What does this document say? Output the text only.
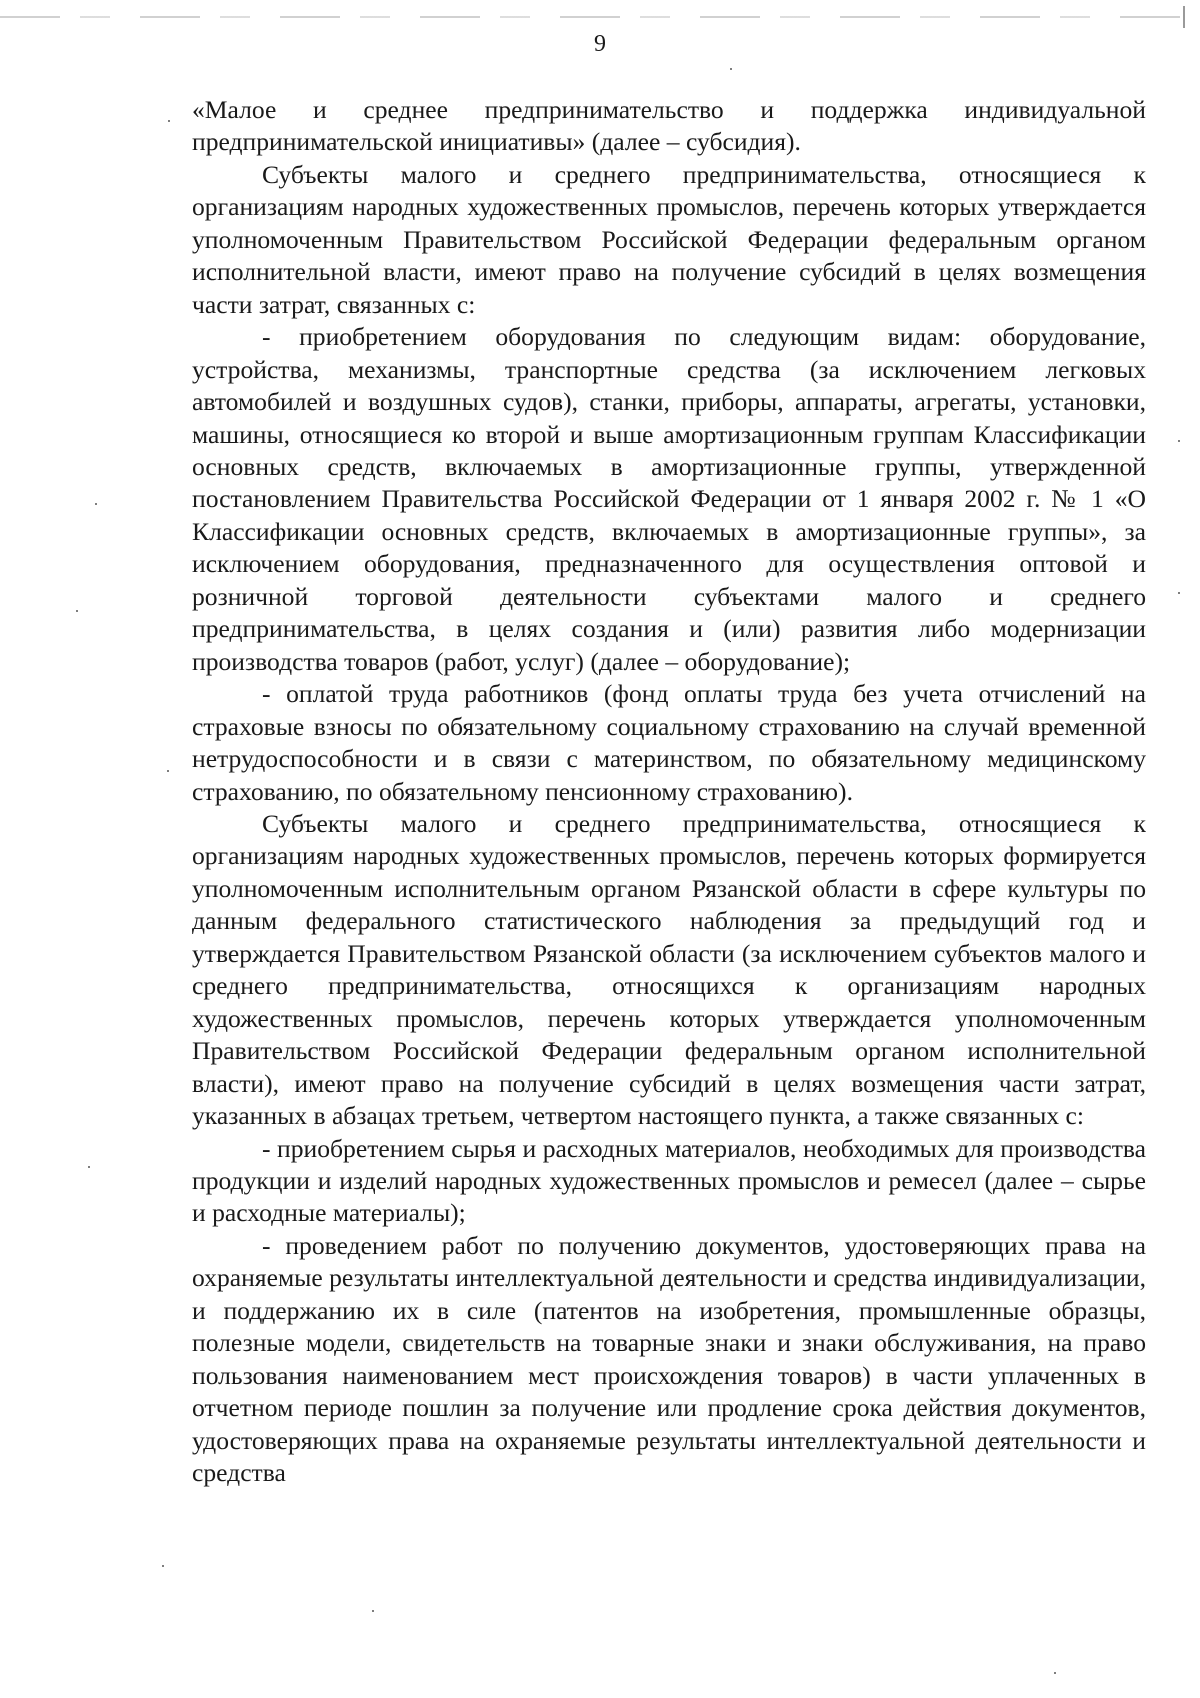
9

«Малое и среднее предпринимательство и поддержка индивидуальной предпринимательской инициативы» (далее – субсидия).

Субъекты малого и среднего предпринимательства, относящиеся к организациям народных художественных промыслов, перечень которых утверждается уполномоченным Правительством Российской Федерации федеральным органом исполнительной власти, имеют право на получение субсидий в целях возмещения части затрат, связанных с:

- приобретением оборудования по следующим видам: оборудование, устройства, механизмы, транспортные средства (за исключением легковых автомобилей и воздушных судов), станки, приборы, аппараты, агрегаты, установки, машины, относящиеся ко второй и выше амортизационным группам Классификации основных средств, включаемых в амортизационные группы, утвержденной постановлением Правительства Российской Федерации от 1 января 2002 г. № 1 «О Классификации основных средств, включаемых в амортизационные группы», за исключением оборудования, предназначенного для осуществления оптовой и розничной торговой деятельности субъектами малого и среднего предпринимательства, в целях создания и (или) развития либо модернизации производства товаров (работ, услуг) (далее – оборудование);

- оплатой труда работников (фонд оплаты труда без учета отчислений на страховые взносы по обязательному социальному страхованию на случай временной нетрудоспособности и в связи с материнством, по обязательному медицинскому страхованию, по обязательному пенсионному страхованию).

Субъекты малого и среднего предпринимательства, относящиеся к организациям народных художественных промыслов, перечень которых формируется уполномоченным исполнительным органом Рязанской области в сфере культуры по данным федерального статистического наблюдения за предыдущий год и утверждается Правительством Рязанской области (за исключением субъектов малого и среднего предпринимательства, относящихся к организациям народных художественных промыслов, перечень которых утверждается уполномоченным Правительством Российской Федерации федеральным органом исполнительной власти), имеют право на получение субсидий в целях возмещения части затрат, указанных в абзацах третьем, четвертом настоящего пункта, а также связанных с:

- приобретением сырья и расходных материалов, необходимых для производства продукции и изделий народных художественных промыслов и ремесел (далее – сырье и расходные материалы);

- проведением работ по получению документов, удостоверяющих права на охраняемые результаты интеллектуальной деятельности и средства индивидуализации, и поддержанию их в силе (патентов на изобретения, промышленные образцы, полезные модели, свидетельств на товарные знаки и знаки обслуживания, на право пользования наименованием мест происхождения товаров) в части уплаченных в отчетном периоде пошлин за получение или продление срока действия документов, удостоверяющих права на охраняемые результаты интеллектуальной деятельности и средства
